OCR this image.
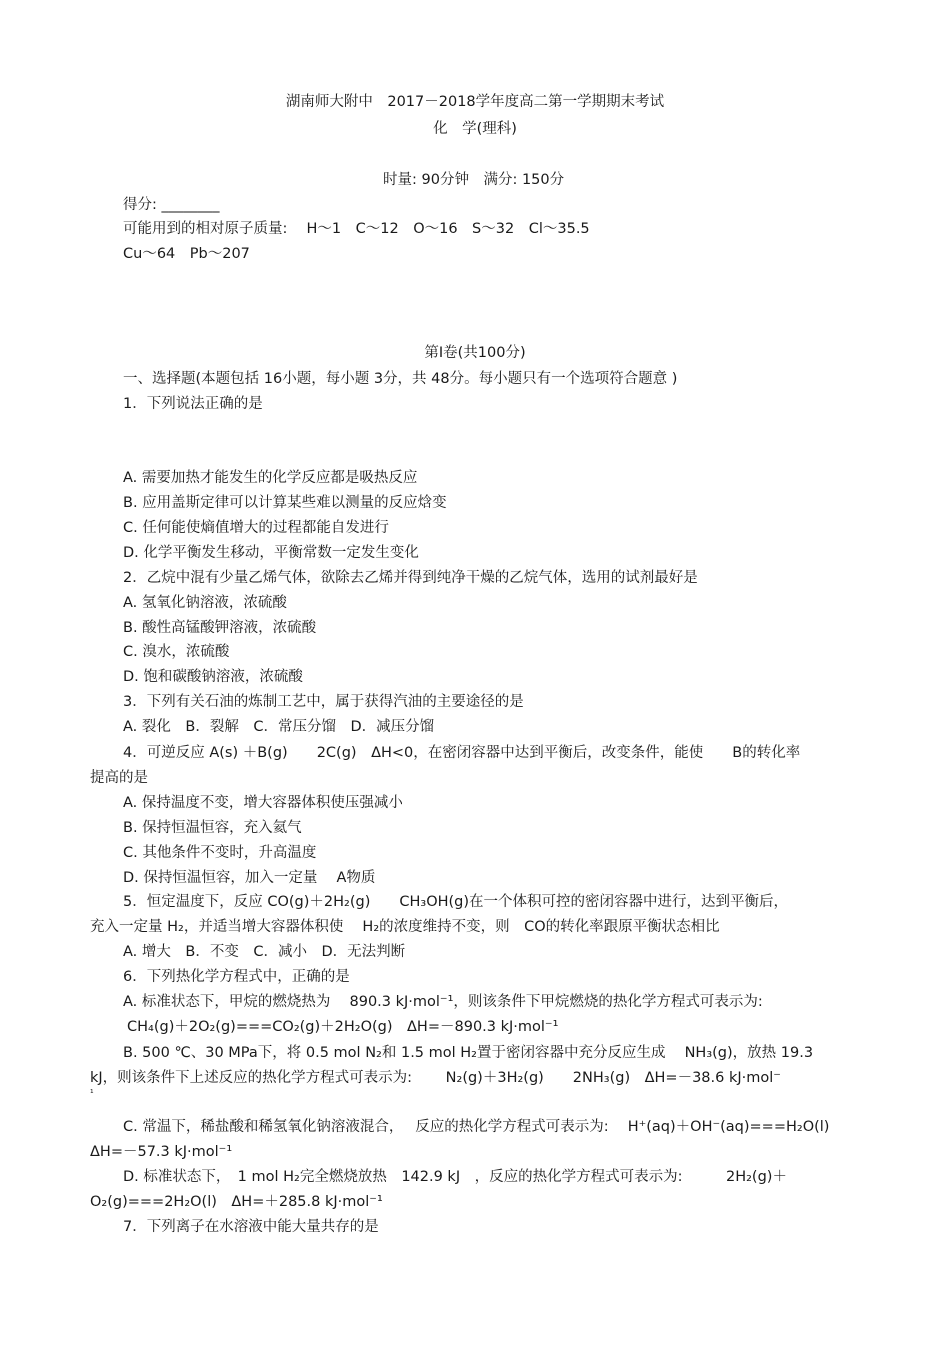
湖南师大附中　2017－2018学年度高二第一学期期末考试
化　学(理科)
时量: 90分钟　满分: 150分
得分: ________
可能用到的相对原子质量:　 H～1　C～12　O～16　S～32　Cl～35.5
Cu～64　Pb～207
第Ⅰ卷(共100分)
一、选择题(本题包括 16小题，每小题 3分，共 48分。每小题只有一个选项符合题意 )
1．下列说法正确的是
A. 需要加热才能发生的化学反应都是吸热反应
B. 应用盖斯定律可以计算某些难以测量的反应焓变
C. 任何能使熵值增大的过程都能自发进行
D. 化学平衡发生移动，平衡常数一定发生变化
2．乙烷中混有少量乙烯气体，欲除去乙烯并得到纯净干燥的乙烷气体，选用的试剂最好是
A. 氢氧化钠溶液，浓硫酸
B. 酸性高锰酸钾溶液，浓硫酸
C. 溴水，浓硫酸
D. 饱和碳酸钠溶液，浓硫酸
3．下列有关石油的炼制工艺中，属于获得汽油的主要途径的是
A. 裂化　B．裂解　C．常压分馏　D．减压分馏
4．可逆反应 A(s) ＋B(g)　　2C(g)　ΔH<0，在密闭容器中达到平衡后，改变条件，能使　　B的转化率
提高的是
A. 保持温度不变，增大容器体积使压强减小
B. 保持恒温恒容，充入氦气
C. 其他条件不变时，升高温度
D. 保持恒温恒容，加入一定量　 A物质
5．恒定温度下，反应 CO(g)＋2H₂(g)　　CH₃OH(g)在一个体积可控的密闭容器中进行，达到平衡后，
充入一定量 H₂，并适当增大容器体积使　 H₂的浓度维持不变，则　CO的转化率跟原平衡状态相比
A. 增大　B．不变　C．减小　D．无法判断
6．下列热化学方程式中，正确的是
A. 标准状态下，甲烷的燃烧热为　 890.3 kJ·mol⁻¹，则该条件下甲烷燃烧的热化学方程式可表示为:
CH₄(g)＋2O₂(g)===CO₂(g)＋2H₂O(g)　ΔH=－890.3 kJ·mol⁻¹
B. 500 ℃、30 MPa下，将 0.5 mol N₂和 1.5 mol H₂置于密闭容器中充分反应生成　 NH₃(g)，放热 19.3
kJ，则该条件下上述反应的热化学方程式可表示为:　　 N₂(g)＋3H₂(g)　　2NH₃(g)　ΔH=－38.6 kJ·mol⁻
¹
C. 常温下，稀盐酸和稀氢氧化钠溶液混合，　 反应的热化学方程式可表示为:　 H⁺(aq)＋OH⁻(aq)===H₂O(l)
ΔH=－57.3 kJ·mol⁻¹
D. 标准状态下，　1 mol H₂完全燃烧放热　142.9 kJ　，反应的热化学方程式可表示为:　　　2H₂(g)＋
O₂(g)===2H₂O(l)　ΔH=＋285.8 kJ·mol⁻¹
7．下列离子在水溶液中能大量共存的是
